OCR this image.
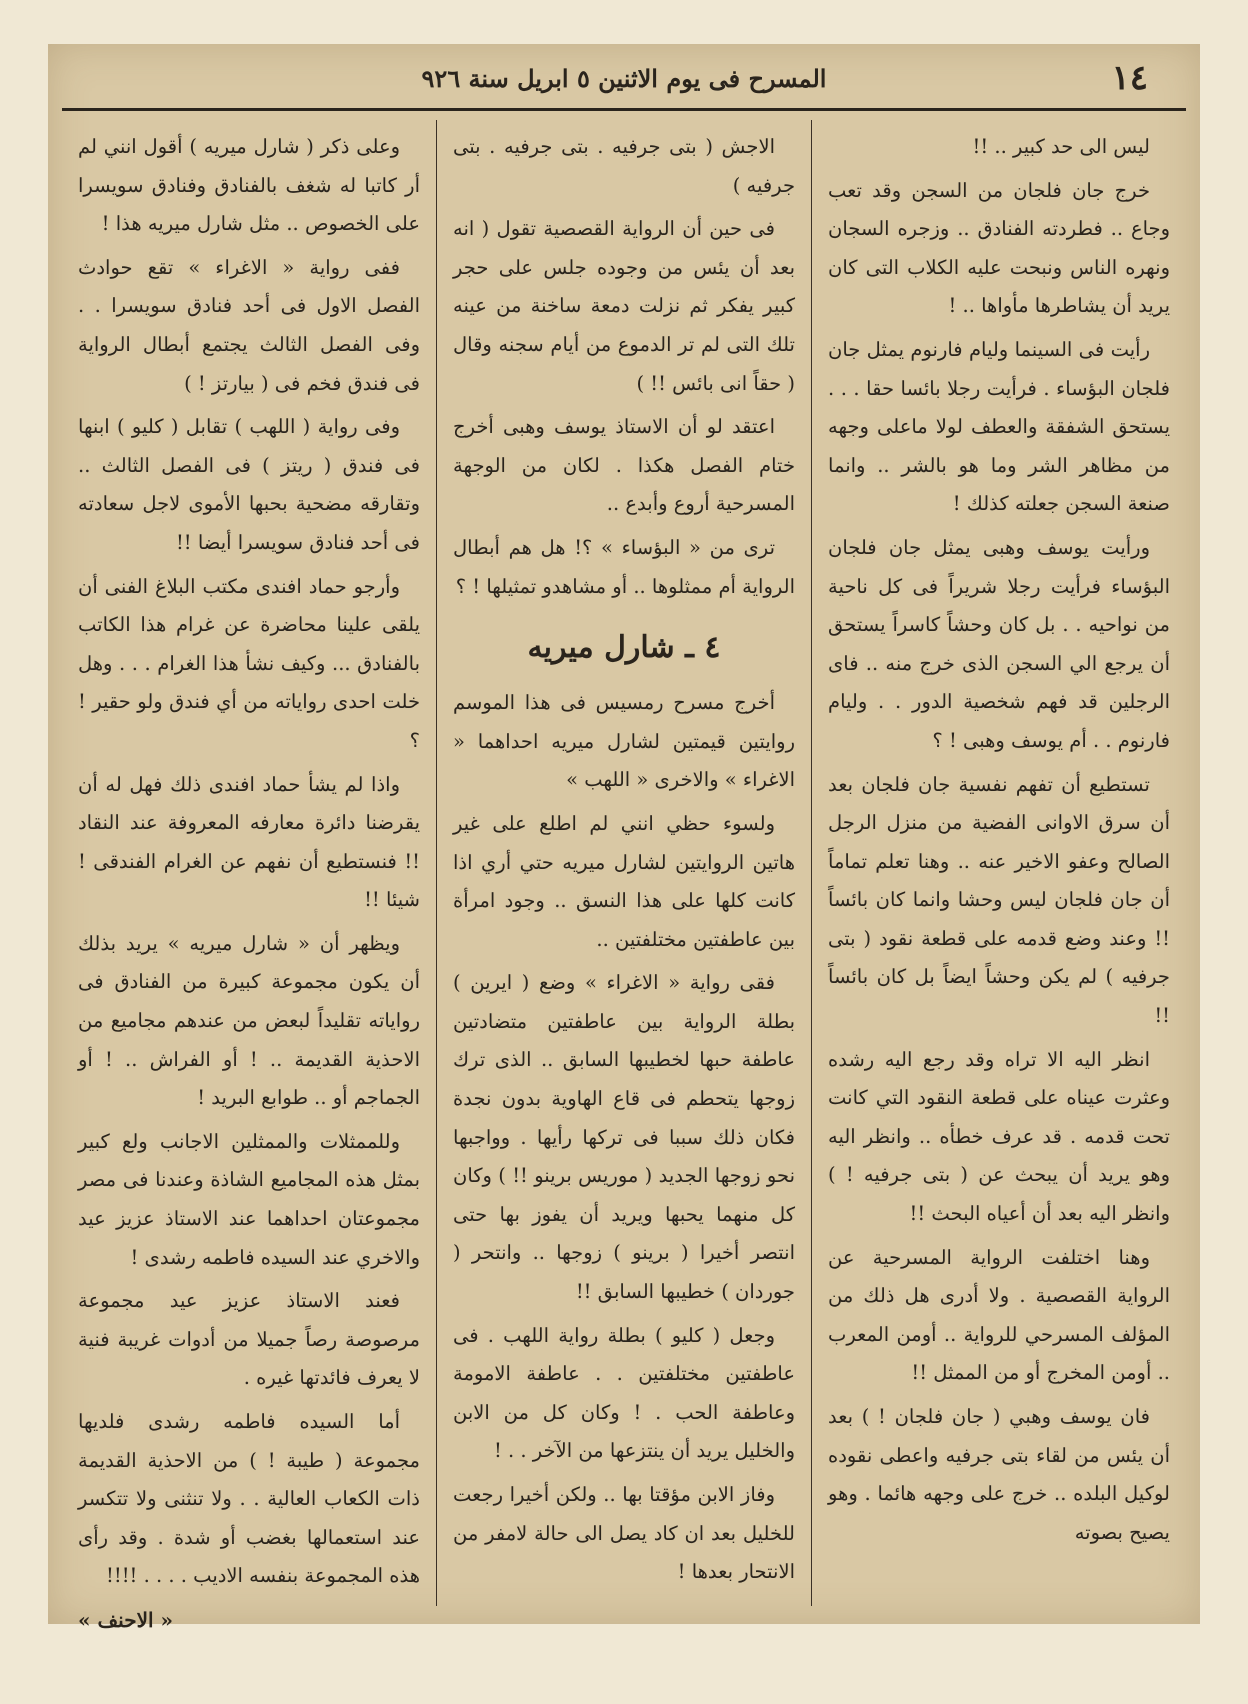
١٤
المسرح فى يوم الاثنين ٥ ابريل سنة ٩٢٦

ليس الى حد كبير .. !!

خرج جان فلجان من السجن وقد تعب وجاع .. فطردته الفنادق .. وزجره السجان ونهره الناس ونبحت عليه الكلاب التى كان يريد أن يشاطرها مأواها .. !

رأيت فى السينما وليام فارنوم يمثل جان فلجان البؤساء . فرأيت رجلا بائسا حقا . . . يستحق الشفقة والعطف لولا ماعلى وجهه من مظاهر الشر وما هو بالشر .. وانما صنعة السجن جعلته كذلك !

ورأيت يوسف وهبى يمثل جان فلجان البؤساء فرأيت رجلا شريراً فى كل ناحية من نواحيه . . بل كان وحشاً كاسراً يستحق أن يرجع الي السجن الذى خرج منه .. فاى الرجلين قد فهم شخصية الدور . . وليام فارنوم . . أم يوسف وهبى ! ؟

تستطيع أن تفهم نفسية جان فلجان بعد أن سرق الاوانى الفضية من منزل الرجل الصالح وعفو الاخير عنه .. وهنا تعلم تماماً أن جان فلجان ليس وحشا وانما كان بائساً !! وعند وضع قدمه على قطعة نقود ( بتى جرفيه ) لم يكن وحشاً ايضاً بل كان بائساً !!

انظر اليه الا تراه وقد رجع اليه رشده وعثرت عيناه على قطعة النقود التي كانت تحت قدمه . قد عرف خطأه .. وانظر اليه وهو يريد أن يبحث عن ( بتى جرفيه ! ) وانظر اليه بعد أن أعياه البحث !!

وهنا اختلفت الرواية المسرحية عن الرواية القصصية . ولا أدرى هل ذلك من المؤلف المسرحي للرواية .. أومن المعرب .. أومن المخرج أو من الممثل !!

فان يوسف وهبي ( جان فلجان ! ) بعد أن يئس من لقاء بتى جرفيه واعطى نقوده لوكيل البلده .. خرج على وجهه هائما . وهو يصيح بصوته

الاجش ( بتى جرفيه . بتى جرفيه . بتى جرفيه )

فى حين أن الرواية القصصية تقول ( انه بعد أن يئس من وجوده جلس على حجر كبير يفكر ثم نزلت دمعة ساخنة من عينه تلك التى لم تر الدموع من أيام سجنه وقال ( حقاً انى بائس !! )

اعتقد لو أن الاستاذ يوسف وهبى أخرج ختام الفصل هكذا . لكان من الوجهة المسرحية أروع وأبدع ..

ترى من « البؤساء » ؟! هل هم أبطال الرواية أم ممثلوها .. أو مشاهدو تمثيلها ! ؟

٤ ـ شارل ميريه

أخرج مسرح رمسيس فى هذا الموسم روايتين قيمتين لشارل ميريه احداهما « الاغراء » والاخرى « اللهب »

ولسوء حظي انني لم اطلع على غير هاتين الروايتين لشارل ميريه حتي أري اذا كانت كلها على هذا النسق .. وجود امرأة بين عاطفتين مختلفتين ..

فقى رواية « الاغراء » وضع ( ايرين ) بطلة الرواية بين عاطفتين متضادتين عاطفة حبها لخطيبها السابق .. الذى ترك زوجها يتحطم فى قاع الهاوية بدون نجدة فكان ذلك سببا فى تركها رأيها . وواجبها نحو زوجها الجديد ( موريس برينو !! ) وكان كل منهما يحبها ويريد أن يفوز بها حتى انتصر أخيرا ( برينو ) زوجها .. وانتحر ( جوردان ) خطيبها السابق !!

وجعل ( كليو ) بطلة رواية اللهب . فى عاطفتين مختلفتين . . عاطفة الامومة وعاطفة الحب . ! وكان كل من الابن والخليل يريد أن ينتزعها من الآخر . . !

وفاز الابن مؤقتا بها .. ولكن أخيرا رجعت للخليل بعد ان كاد يصل الى حالة لامفر من الانتحار بعدها !

وعلى ذكر ( شارل ميريه ) أقول انني لم أر كاتبا له شغف بالفنادق وفنادق سويسرا على الخصوص .. مثل شارل ميريه هذا !

ففى رواية « الاغراء » تقع حوادث الفصل الاول فى أحد فنادق سويسرا . . وفى الفصل الثالث يجتمع أبطال الرواية فى فندق فخم فى ( بيارتز ! )

وفى رواية ( اللهب ) تقابل ( كليو ) ابنها فى فندق ( ريتز ) فى الفصل الثالث .. وتقارقه مضحية بحبها الأموى لاجل سعادته فى أحد فنادق سويسرا أيضا !!

وأرجو حماد افندى مكتب البلاغ الفنى أن يلقى علينا محاضرة عن غرام هذا الكاتب بالفنادق ... وكيف نشأ هذا الغرام . . . وهل خلت احدى رواياته من أي فندق ولو حقير ! ؟

واذا لم يشأ حماد افندى ذلك فهل له أن يقرضنا دائرة معارفه المعروفة عند النقاد !! فنستطيع أن نفهم عن الغرام الفندقى ! شيئا !!

ويظهر أن « شارل ميريه » يريد بذلك أن يكون مجموعة كبيرة من الفنادق فى رواياته تقليداً لبعض من عندهم مجاميع من الاحذية القديمة .. ! أو الفراش .. ! أو الجماجم أو .. طوابع البريد !

وللممثلات والممثلين الاجانب ولع كبير بمثل هذه المجاميع الشاذة وعندنا فى مصر مجموعتان احداهما عند الاستاذ عزيز عيد والاخري عند السيده فاطمه رشدى !

فعند الاستاذ عزيز عيد مجموعة مرصوصة رصاً جميلا من أدوات غريبة فنية لا يعرف فائدتها غيره .

أما السيده فاطمه رشدى فلديها مجموعة ( طيبة ! ) من الاحذية القديمة ذات الكعاب العالية . . ولا تنثنى ولا تتكسر عند استعمالها بغضب أو شدة . وقد رأى هذه المجموعة بنفسه الاديب . . . . !!!!

« الاحنف »
